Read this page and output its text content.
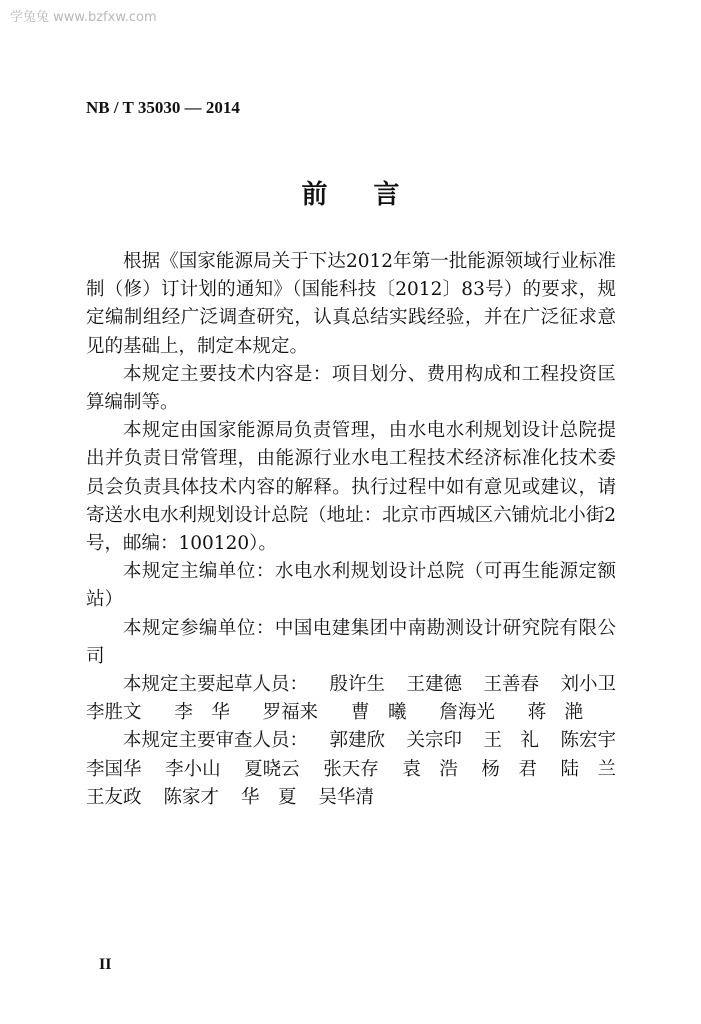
学兔兔 www.bzfxw.com
NB / T 35030 — 2014
前言

根据《国家能源局关于下达2012年第一批能源领域行业标准制（修）订计划的通知》（国能科技〔2012〕83号）的要求，规定编制组经广泛调查研究，认真总结实践经验，并在广泛征求意见的基础上，制定本规定。

本规定主要技术内容是：项目划分、费用构成和工程投资匡算编制等。

本规定由国家能源局负责管理，由水电水利规划设计总院提出并负责日常管理，由能源行业水电工程技术经济标准化技术委员会负责具体技术内容的解释。执行过程中如有意见或建议，请寄送水电水利规划设计总院（地址：北京市西城区六铺炕北小街2号，邮编：100120）。

本规定主编单位：水电水利规划设计总院（可再生能源定额站）

本规定参编单位：中国电建集团中南勘测设计研究院有限公司

本规定主要起草人员： 殷许生 王建德 王善春 刘小卫
李胜文 李　华 罗福来 曹　曦 詹海光 蒋　滟
本规定主要审查人员： 郭建欣 关宗印 王　礼 陈宏宇
李国华 李小山 夏晓云 张天存 袁　浩 杨　君 陆　兰
王友政 陈家才 华　夏 吴华清
II
